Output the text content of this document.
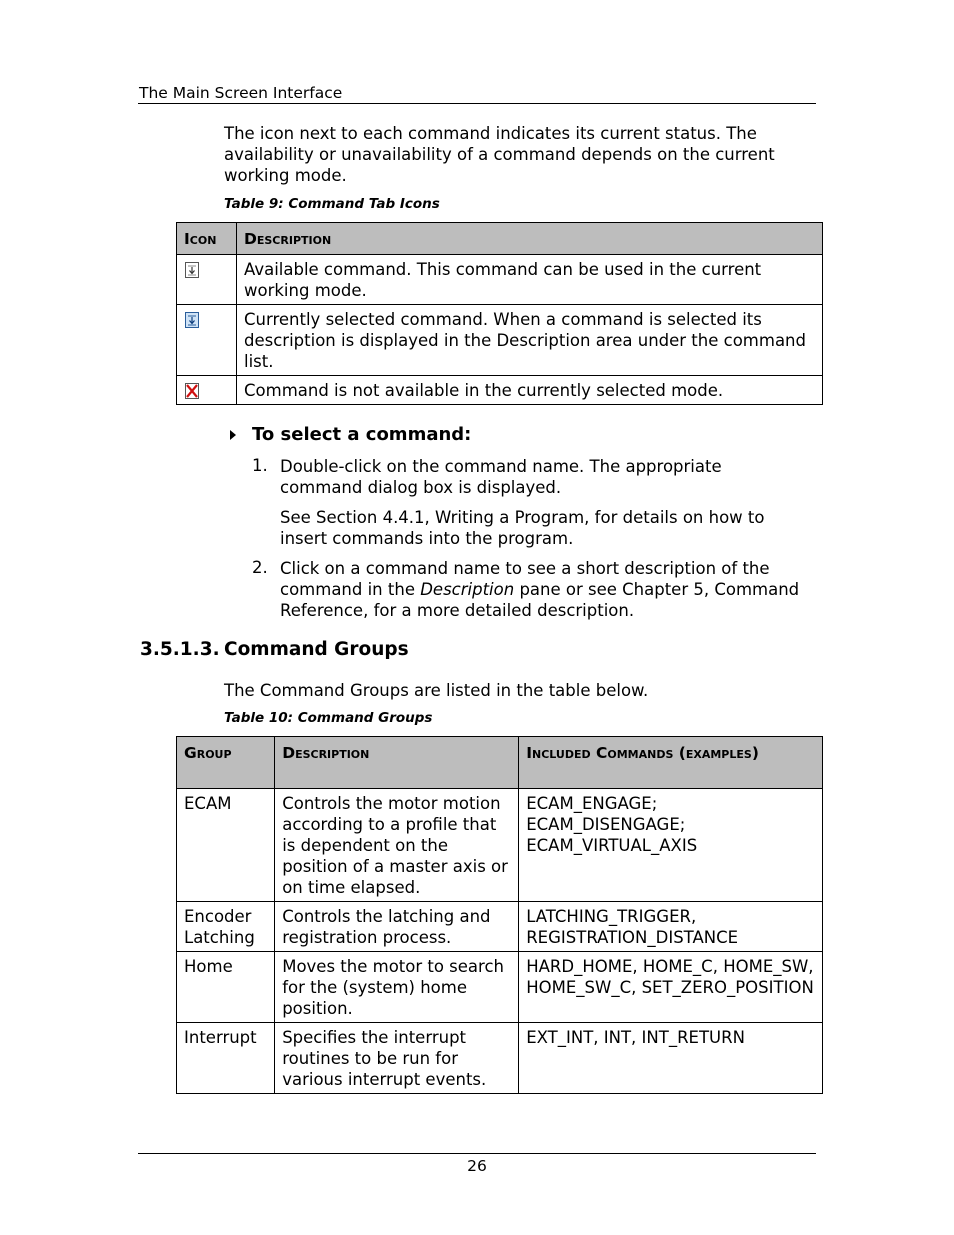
The Main Screen Interface
The icon next to each command indicates its current status. The availability or unavailability of a command depends on the current working mode.
Table 9: Command Tab Icons
Icon	Description

	Available command. This command can be used in the current working mode.

	Currently selected command. When a command is selected its description is displayed in the Description area under the command list.

	Command is not available in the currently selected mode.
To select a command:
1. Double-click on the command name. The appropriate command dialog box is displayed.
See Section 4.4.1, Writing a Program, for details on how to insert commands into the program.
2. Click on a command name to see a short description of the command in the Description pane or see Chapter 5, Command Reference, for a more detailed description.
3.5.1.3. Command Groups
The Command Groups are listed in the table below.
Table 10: Command Groups
Group	Description	Included Commands (examples)
ECAM	Controls the motor motion according to a profile that is dependent on the position of a master axis or on time elapsed.	ECAM_ENGAGE; ECAM_DISENGAGE; ECAM_VIRTUAL_AXIS
Encoder Latching	Controls the latching and registration process.	LATCHING_TRIGGER, REGISTRATION_DISTANCE
Home	Moves the motor to search for the (system) home position.	HARD_HOME, HOME_C, HOME_SW, HOME_SW_C, SET_ZERO_POSITION
Interrupt	Specifies the interrupt routines to be run for various interrupt events.	EXT_INT, INT, INT_RETURN
26
